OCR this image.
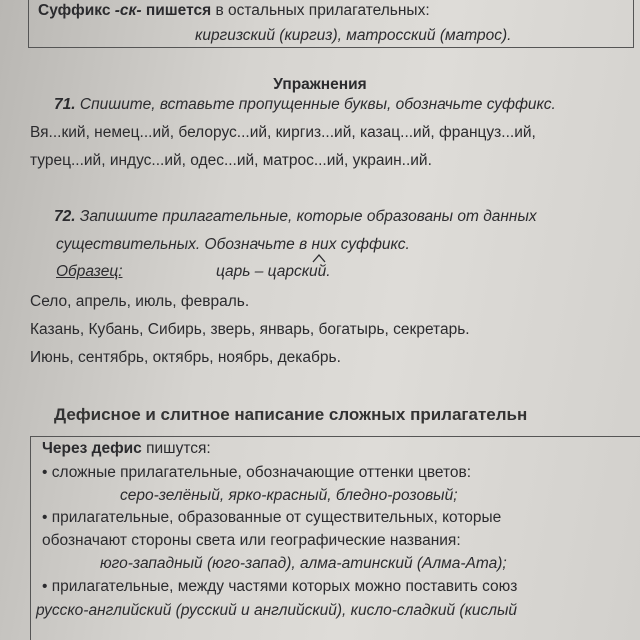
Суффикс -ск- пишется в остальных прилагательных:
киргизский (киргиз), матросский (матрос).
Упражнения
71. Спишите, вставьте пропущенные буквы, обозначьте суффикс.
Вя...кий, немец...ий, белорус...ий, киргиз...ий, казац...ий, француз...ий,
турец...ий, индус...ий, одес...ий, матрос...ий, украин..ий.
72. Запишите прилагательные, которые образованы от данных
существительных. Обозначьте в них суффикс.
Образец:	царь – царский.
Село, апрель, июль, февраль.
Казань, Кубань, Сибирь, зверь, январь, богатырь, секретарь.
Июнь, сентябрь, октябрь, ноябрь, декабрь.
Дефисное и слитное написание сложных прилагательн
Через дефис пишутся:
• сложные прилагательные, обозначающие оттенки цветов:
серо-зелёный, ярко-красный, бледно-розовый;
• прилагательные, образованные от существительных, которые
обозначают стороны света или географические названия:
юго-западный (юго-запад), алма-атинский (Алма-Ата);
• прилагательные, между частями которых можно поставить союз
русско-английский (русский и английский), кисло-сладкий (кислый
